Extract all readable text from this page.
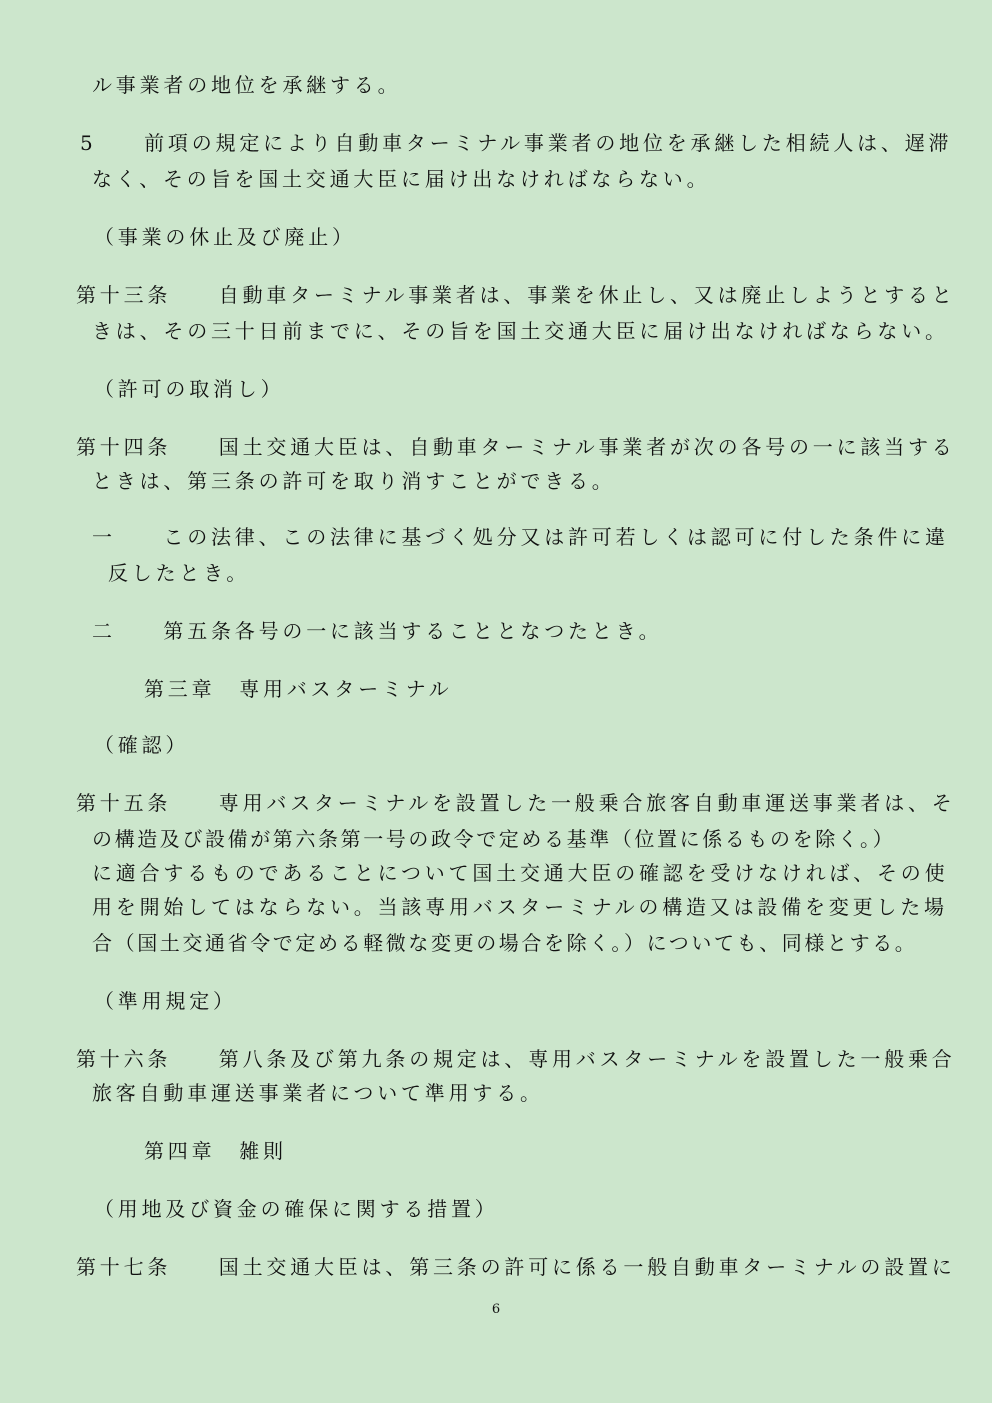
ル事業者の地位を承継する。
5　　前項の規定により自動車ターミナル事業者の地位を承継した相続人は、遅滞
なく、その旨を国土交通大臣に届け出なければならない。
（事業の休止及び廃止）
第十三条　　自動車ターミナル事業者は、事業を休止し、又は廃止しようとすると
きは、その三十日前までに、その旨を国土交通大臣に届け出なければならない。
（許可の取消し）
第十四条　　国土交通大臣は、自動車ターミナル事業者が次の各号の一に該当する
ときは、第三条の許可を取り消すことができる。
一　　この法律、この法律に基づく処分又は許可若しくは認可に付した条件に違
反したとき。
二　　第五条各号の一に該当することとなつたとき。
第三章　専用バスターミナル
（確認）
第十五条　　専用バスターミナルを設置した一般乗合旅客自動車運送事業者は、そ
の構造及び設備が第六条第一号の政令で定める基準（位置に係るものを除く。）
に適合するものであることについて国土交通大臣の確認を受けなければ、その使
用を開始してはならない。当該専用バスターミナルの構造又は設備を変更した場
合（国土交通省令で定める軽微な変更の場合を除く。）についても、同様とする。
（準用規定）
第十六条　　第八条及び第九条の規定は、専用バスターミナルを設置した一般乗合
旅客自動車運送事業者について準用する。
第四章　雑則
（用地及び資金の確保に関する措置）
第十七条　　国土交通大臣は、第三条の許可に係る一般自動車ターミナルの設置に
6
